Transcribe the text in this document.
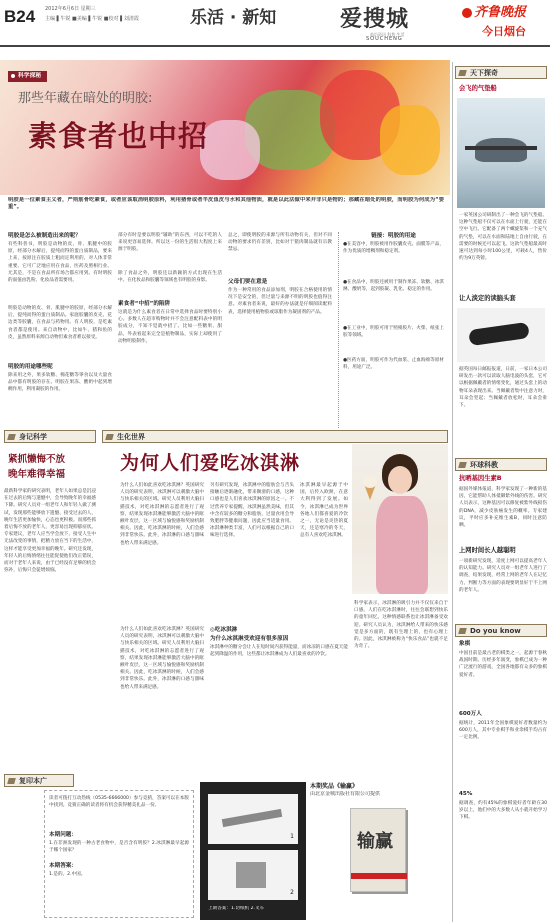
B24 2012年6月6日 星期三
主编 ▌牛锐 ■美编 ▌牛锐 ■校对 ▌刘清霞	乐活 · 新知	爱搜城
SOUCHENG
前沿资讯 科普 生活
齐鲁晚报
今日烟台
科学探秘
那些年藏在暗处的明胶:
素食者也中招
明胶是一位素食主义者，严则筋骨吃素食，或者应该取消明胶原料，利用猪骨或者羊皮鱼皮与水和其他物质，就是以此法做中来并非只是物的；那藏在暗处的明胶，而明胶为何成为“要重”。
明胶是怎么被制造出来的呢？
有些科普书，明胶是动物的皮、骨、肌腱中的胶原，经部分水解后，提纯而得的蛋白质制品，要来上来，按原注在胶质上粗而定利用的，对人体非常重要。它可广泛地应用在食品，医药及照相行业。尤其是，不是在食品所有场合都应用到。有时明胶的面值由乳粉、化妆品者需要用。
明胶是动物的皮、骨、肌腱中的胶原，经部分水解后，提纯而得的蛋白质制品。家庭胶囊的皮壳、花边类等胶囊，在食品与药物用。有人明胶，是吃素食者都是使用。来自动物中，比如牛、猪和鱼的皮，虽然原料来源自动物但素食者难以接受。
明胶的用途哪些呢
除来用之外，果多软糖、棉花糖等零食以及大量食品中都有明胶的存在。明胶在果冻、酸奶中起到增稠作用，利用凝胶的作用。
部分有时是要以明胶“辅助”的东西，可以不吃的人来说更容易选择。所以这一份的生活很大程度上来源于明胶。
除了食品之外，明胶还以新颖的方式出现在生活中。在化妆品和胶囊等领域也有明胶的身影。
素食者“中招”的陷阱
这就是为什么素食者在日常中选择食品时要特别小心。多数人在超市购物时并不会注意配料表中的明胶成分，不知不觉就中招了。比如一些糖果、甜品，外表看起来完全是植物制品，实际上却使用了动物明胶制作。
总之，即使明胶的来源与所有动物有关，但对不同动物的要求仍有差别，比如对于猪肉制品就有宗教禁忌。
父母们要在意是
作为一种常用的食品添加剂，明胶在合格使用的情况下是安全的，但过量与来源不明的明胶也值得注意。对素食者来说，最好的办法就是仔细阅读配料表，选择使用植物胶或琼脂作为凝固剂的产品。
链接：明胶的用途
●在美容中，明胶被用作胶囊皮壳、面膜等产品，作为优质的增稠剂和稳定剂。
●在食品中，明胶还被用于制作果冻、软糖、冰淇淋、酸奶等，起到胶凝、乳化、稳定的作用。
●在工业中，明胶可用于照相胶片、火柴、纸张上胶等领域。
●医药方面，明胶可作为代血浆、止血海绵等原材料，用途广泛。
身记科学
紧抓懒悔不放
晚年难得幸福
最新科学家的研究表明，老年人如果总是沉浸在过去的后悔与遗憾中，会导致晚年的幸福感下降。研究人员对一组老年人和年轻人做了测试，发现那些能够放下遗憾、接受过去的人，晚年生活更加愉快，心态也更积极。而那些抓着后悔不放的老年人，更容易出现抑郁症状。专家建议，老年人应当学会放下，接受人生中无法改变的事情，把精力放在当下的生活中，这样才能享受更加幸福的晚年。研究还发现，年轻人的后悔情绪往往能促使他们改正错误，而对于老年人来说，由于已经没有足够的机会弥补，后悔只会徒增烦恼。
生化世界
为何人们爱吃冰淇淋
为什么人们如此喜欢吃冰淇淋？英国研究人员的研究表明，冰淇淋可以刺激大脑中与快乐相关的区域。研究人员利用大脑扫描技术，对吃冰淇淋的志愿者进行了观察，结果发现冰淇淋能够激活大脑中的眶额叶皮层，这一区域与愉悦感和奖励机制相关。因此，吃冰淇淋的时候，人们会感到非常快乐。此外，冰淇淋的口感与甜味也给人带来满足感。
另有研究发现，冰淇淋中的脂肪会与舌头接触后逐渐融化，带来顺滑的口感，这种口感也是人们喜欢冰淇淋的原因之一。不过营养专家提醒，冰淇淋虽然美味，但其中含有较多的糖分和脂肪，过量食用会导致肥胖等健康问题，因此应当适量食用。冰淇淋种类丰富，人们可以根据自己的口味进行选择。
冰淇淋最早起源于中国，后传入欧洲，在意大利得到了发展。如今，冰淇淋已成为世界各地人们都喜爱的冷饮之一，无论是炎热的夏天，还是寒冷的冬天，总有人喜欢吃冰淇淋。
◎吃冰淇淋
为什么冰淇淋受欢迎有很多原因
冰淇淋中的糖分会让人在短时间内获得能量，而冰凉的口感在夏天能起到降温的作用，这些都让冰淇淋成为人们最喜欢的冷饮。
为什么人们如此喜欢吃冰淇淋？英国研究人员的研究表明，冰淇淋可以刺激大脑中与快乐相关的区域。研究人员利用大脑扫描技术，对吃冰淇淋的志愿者进行了观察，结果发现冰淇淋能够激活大脑中的眶额叶皮层，这一区域与愉悦感和奖励机制相关。因此，吃冰淇淋的时候，人们会感到非常快乐。此外，冰淇淋的口感与甜味也给人带来满足感。
科学家表示，冰淇淋的吸引力并不仅仅来自于口感。人们在吃冰淇淋时，往往会联想到快乐的童年回忆，这种情感联系也让冰淇淋备受欢迎。研究人员认为，冰淇淋给人带来的快乐感觉是多方面的，既有生理上的，也有心理上的。因此，冰淇淋被称为“快乐食品”也就不足为奇了。
复印本广
读者可拨打互动热线（0535-6666000）参与竞猜，答案可以在本版中找到。竞猜正确的读者将有机会获得精美礼品一份。
本期问题：
1.在非洲发现的一种古老食物中，是否含有明胶？2.冰淇淋最早起源于哪个国家？
本期答案：
1.是的。2.中国。
1
2
上期答案：1.切纸机 2.叉车
本期奖品《输赢》
由北京金城出版社有限公司提供
输赢
天下探奇
会飞的气垫船
一家英国公司研制出了一种会飞的气垫船。这种气垫船不仅可以在水面上行驶，还能在空中飞行。它配备了两个螺旋桨和一个充气的气垫，可以在水面和陆地上自由行驶，在需要的时候还可以起飞。这款气垫船最高时速可达到每小时100公里，可载4人，售价约为9万英镑。
让人淡定的读脑头套
据英国每日邮报报道，日前，一家日本公司研发出一款可以读取人脑电波的头套，它可以根据佩戴者的情绪变化，通过头套上的动物耳朵表现出来。当佩戴者集中注意力时，耳朵会竖起；当佩戴者放松时，耳朵会垂下。
环球科教
抗晒基因生素B
据国外媒体报道，科学家发现了一种新的基因，它能帮助人体抵御紫外线的伤害。研究人员表示，这种基因可以修复被紫外线损伤的DNA，减少皮肤癌发生的概率。专家建议，平时应多补充维生素B，同时注意防晒。
上网时间长人越聪明
一项新研究发现，适度上网可以提高老年人的认知能力。研究人员对一组老年人进行了调查，结果发现，经常上网的老年人在记忆力、判断力等方面的表现要明显好于不上网的老年人。
Do you know
象棋
中国目前是最古老的棋类之一，起源于春秋战国时期。历经多年演变，象棋已成为一种广泛流行的游戏，全国各地都有众多的象棋爱好者。
600万人
据统计，2011年全国象棋爱好者数量约为600万人，其中专业棋手和业余棋手均占有一定比例。
45%
据调查，约有45%的象棋爱好者年龄在30岁以上，他们中的大多数人从小就开始学习下棋。
